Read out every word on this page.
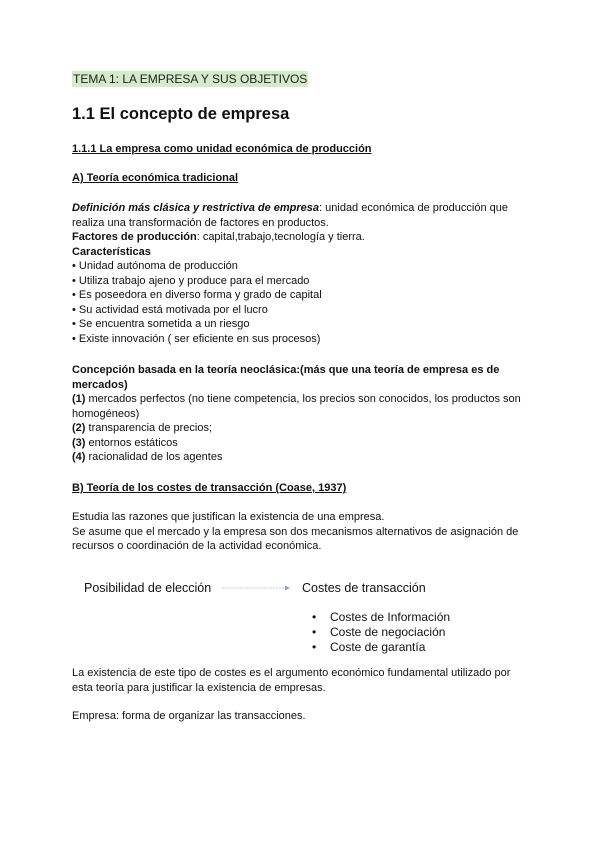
TEMA 1: LA EMPRESA Y SUS OBJETIVOS
1.1 El concepto de empresa
1.1.1 La empresa como unidad económica de producción
A) Teoría económica tradicional

Definición más clásica y restrictiva de empresa: unidad económica de producción que realiza una transformación de factores en productos.

Factores de producción: capital,trabajo,tecnología y tierra.

Características

• Unidad autónoma de producción
• Utiliza trabajo ajeno y produce para el mercado
• Es poseedora en diverso forma y grado de capital
• Su actividad está motivada por el lucro
• Se encuentra sometida a un riesgo
• Existe innovación ( ser eficiente en sus procesos)

Concepción basada en la teoría neoclásica:(más que una teoría de empresa es de mercados)

(1) mercados perfectos (no tiene competencia, los precios son conocidos, los productos son homogéneos)

(2) transparencia de precios;

(3) entornos estáticos

(4) racionalidad de los agentes

B) Teoría de los costes de transacción (Coase, 1937)

Estudia las razones que justifican la existencia de una empresa.

Se asume que el mercado y la empresa son dos mecanismos alternativos de asignación de recursos o coordinación de la actividad económica.

Posibilidad de elección	Costes de transacción
• Costes de Información
• Coste de negociación
• Coste de garantía

La existencia de este tipo de costes es el argumento económico fundamental utilizado por esta teoría para justificar la existencia de empresas.

Empresa: forma de organizar las transacciones.
